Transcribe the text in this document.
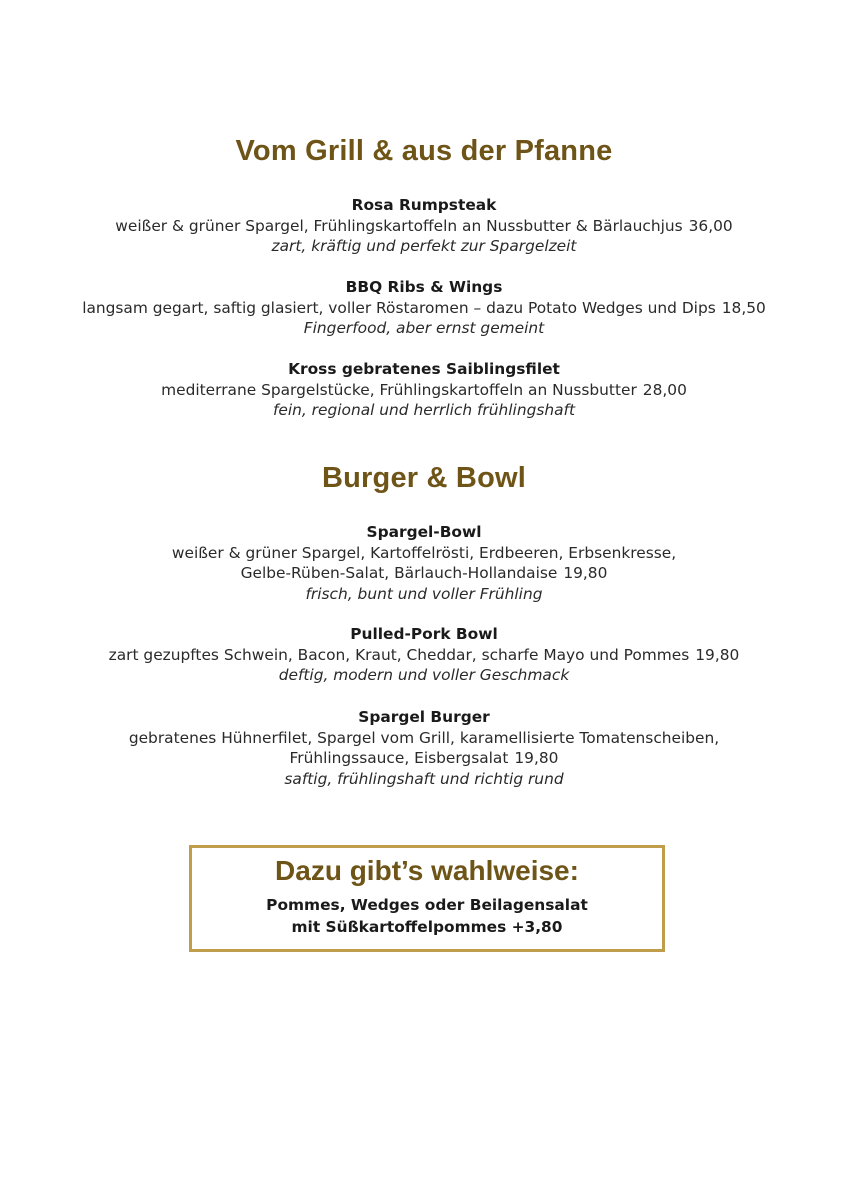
Vom Grill & aus der Pfanne
Rosa Rumpsteak
weißer & grüner Spargel, Frühlingskartoffeln an Nussbutter & Bärlauchjus 36,00
zart, kräftig und perfekt zur Spargelzeit
BBQ Ribs & Wings
langsam gegart, saftig glasiert, voller Röstaromen – dazu Potato Wedges und Dips 18,50
Fingerfood, aber ernst gemeint
Kross gebratenes Saiblingsfilet
mediterrane Spargelstücke, Frühlingskartoffeln an Nussbutter 28,00
fein, regional und herrlich frühlingshaft
Burger & Bowl
Spargel-Bowl
weißer & grüner Spargel, Kartoffelrösti, Erdbeeren, Erbsenkresse,
Gelbe-Rüben-Salat, Bärlauch-Hollandaise 19,80
frisch, bunt und voller Frühling
Pulled-Pork Bowl
zart gezupftes Schwein, Bacon, Kraut, Cheddar, scharfe Mayo und Pommes 19,80
deftig, modern und voller Geschmack
Spargel Burger
gebratenes Hühnerfilet, Spargel vom Grill, karamellisierte Tomatenscheiben,
Frühlingssauce, Eisbergsalat 19,80
saftig, frühlingshaft und richtig rund
Dazu gibt’s wahlweise:
Pommes, Wedges oder Beilagensalat
mit Süßkartoffelpommes +3,80
